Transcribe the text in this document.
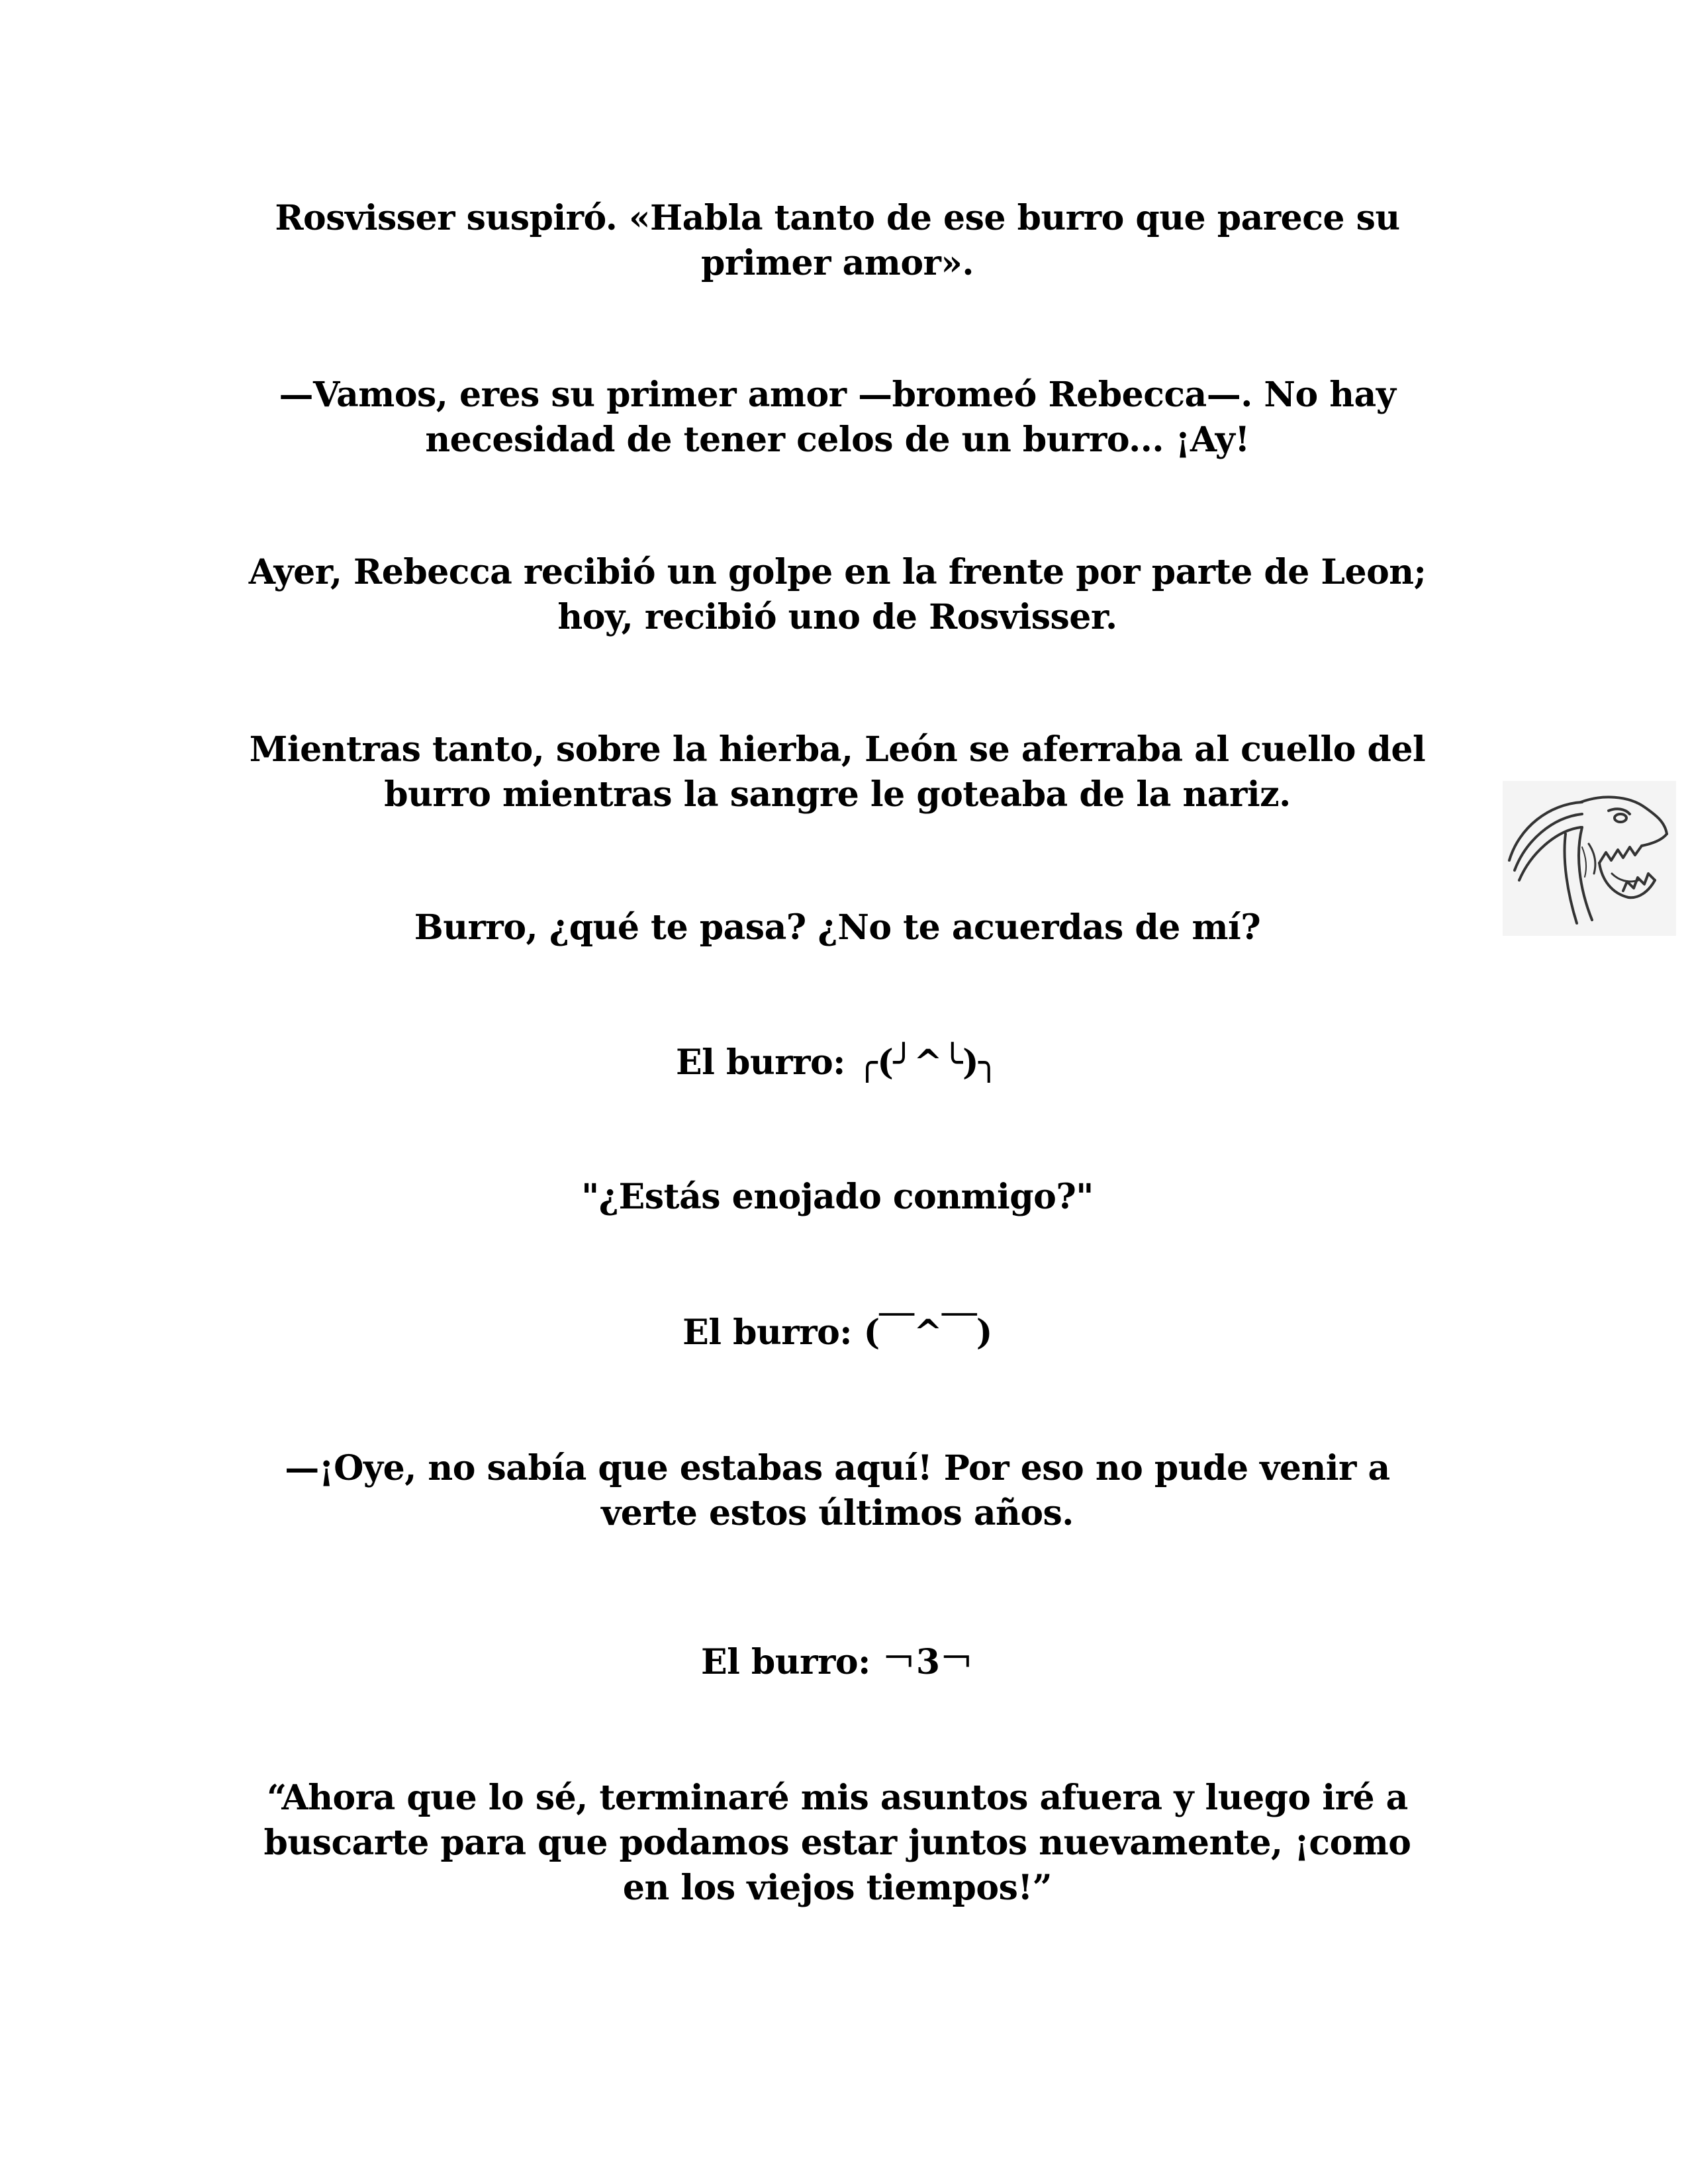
Rosvisser suspiró. «Habla tanto de ese burro que parece su
primer amor».
—Vamos, eres su primer amor —bromeó Rebecca—. No hay
necesidad de tener celos de un burro... ¡Ay!
Ayer, Rebecca recibió un golpe en la frente por parte de Leon;
hoy, recibió uno de Rosvisser.
Mientras tanto, sobre la hierba, León se aferraba al cuello del
burro mientras la sangre le goteaba de la nariz.
Burro, ¿qué te pasa? ¿No te acuerdas de mí?
El burro: ╭(╯^╰)╮
"¿Estás enojado conmigo?"
El burro: (￣^￣)
—¡Oye, no sabía que estabas aquí! Por eso no pude venir a
verte estos últimos años.
El burro: ￢3￢
“Ahora que lo sé, terminaré mis asuntos afuera y luego iré a
buscarte para que podamos estar juntos nuevamente, ¡como
en los viejos tiempos!”
